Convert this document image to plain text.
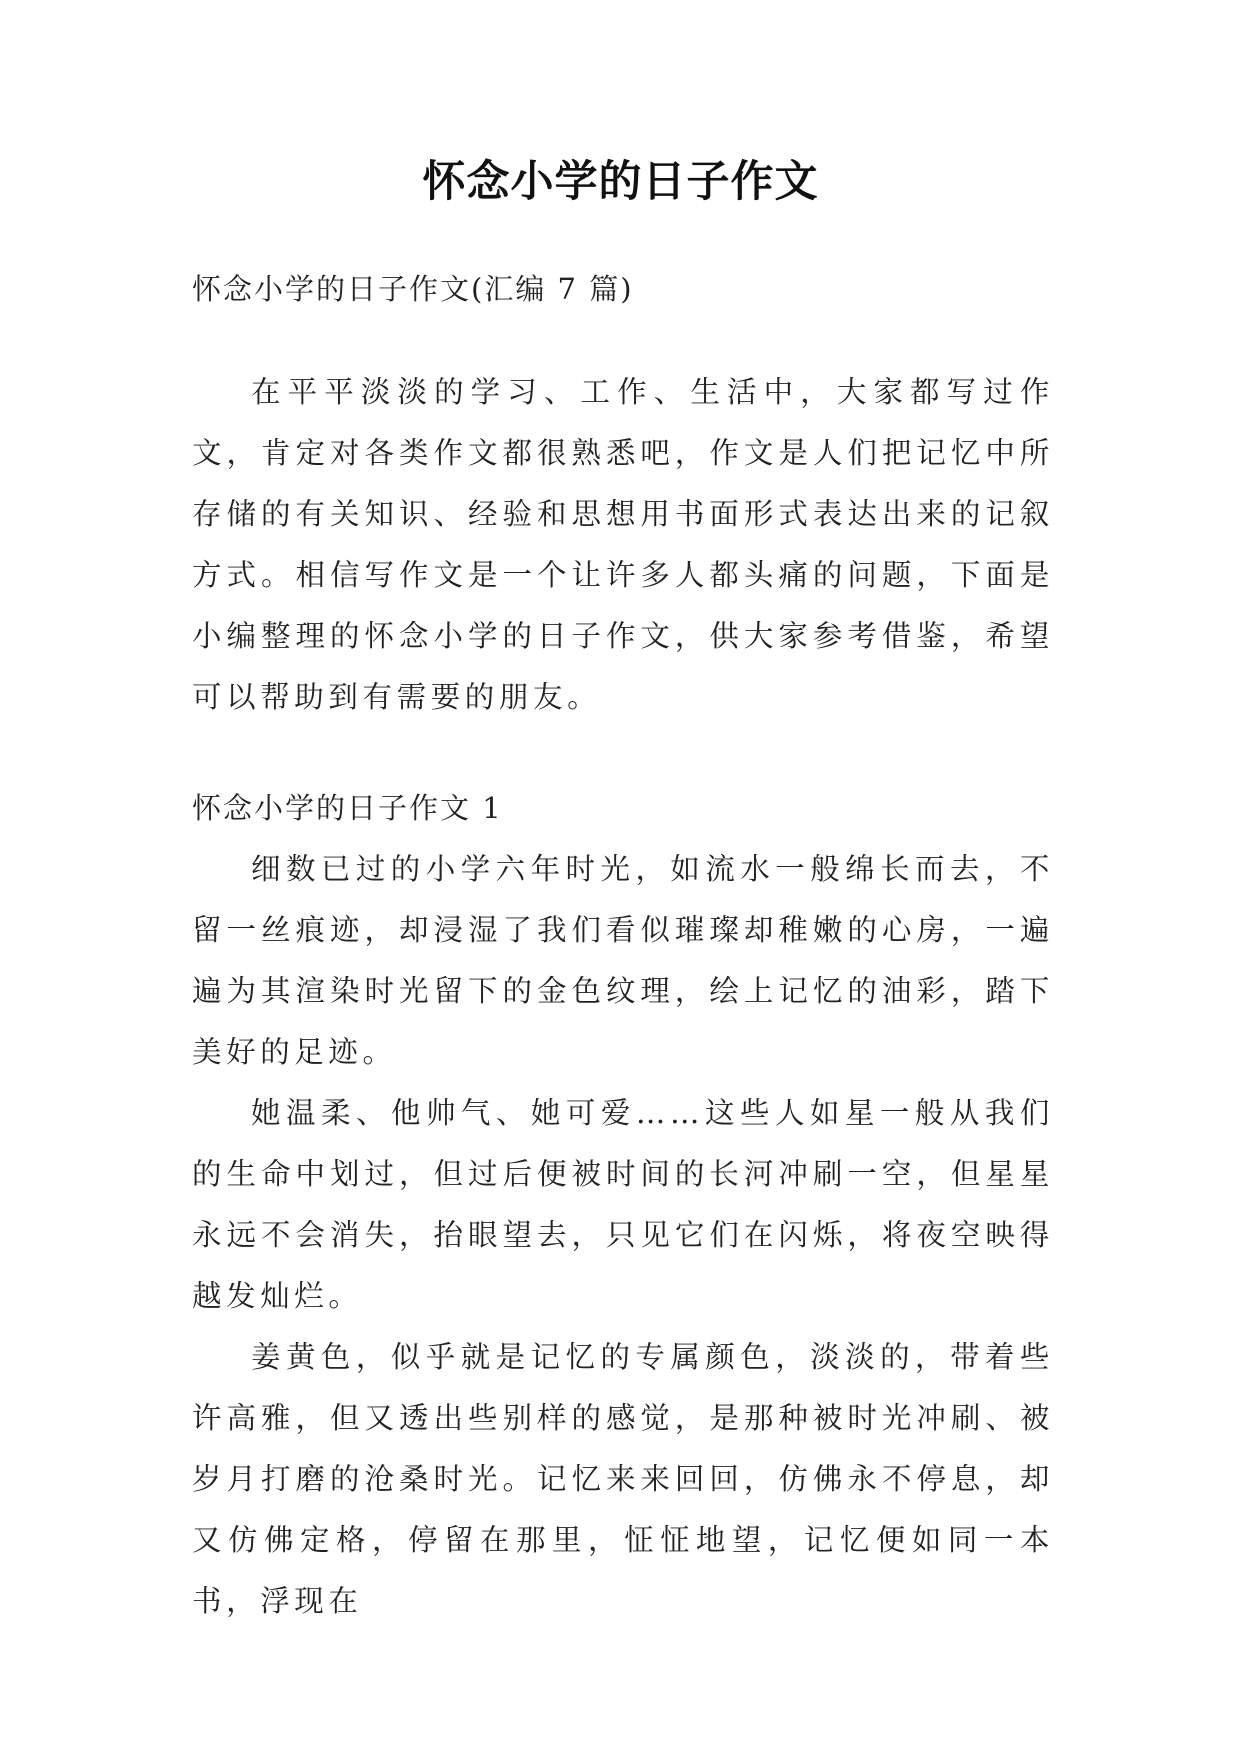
怀念小学的日子作文

怀念小学的日子作文(汇编 7 篇)

在平平淡淡的学习、工作、生活中，大家都写过作文，肯定对各类作文都很熟悉吧，作文是人们把记忆中所存储的有关知识、经验和思想用书面形式表达出来的记叙方式。相信写作文是一个让许多人都头痛的问题，下面是小编整理的怀念小学的日子作文，供大家参考借鉴，希望可以帮助到有需要的朋友。

怀念小学的日子作文 1

细数已过的小学六年时光，如流水一般绵长而去，不留一丝痕迹，却浸湿了我们看似璀璨却稚嫩的心房，一遍遍为其渲染时光留下的金色纹理，绘上记忆的油彩，踏下美好的足迹。

她温柔、他帅气、她可爱……这些人如星一般从我们的生命中划过，但过后便被时间的长河冲刷一空，但星星永远不会消失，抬眼望去，只见它们在闪烁，将夜空映得越发灿烂。

姜黄色，似乎就是记忆的专属颜色，淡淡的，带着些许高雅，但又透出些别样的感觉，是那种被时光冲刷、被岁月打磨的沧桑时光。记忆来来回回，仿佛永不停息，却又仿佛定格，停留在那里，怔怔地望，记忆便如同一本书，浮现在
